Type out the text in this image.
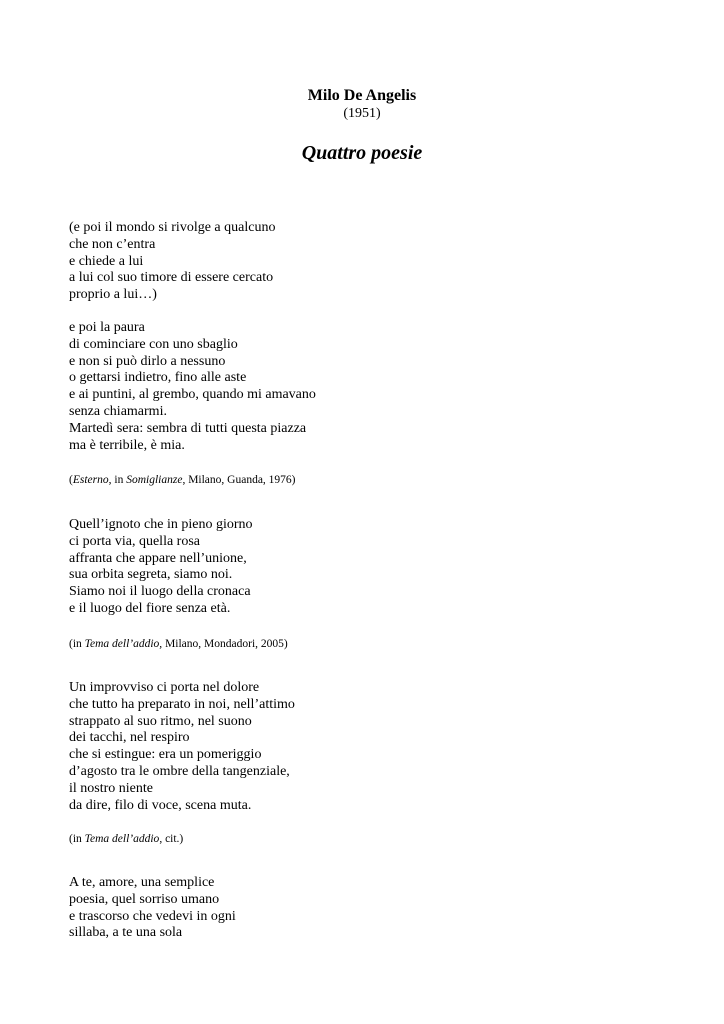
Milo De Angelis
(1951)
Quattro poesie
(e poi il mondo si rivolge a qualcuno
che non c’entra
e chiede a lui
a lui col suo timore di essere cercato
proprio a lui…)
e poi la paura
di cominciare con uno sbaglio
e non si può dirlo a nessuno
o gettarsi indietro, fino alle aste
e ai puntini, al grembo, quando mi amavano
senza chiamarmi.
Martedì sera: sembra di tutti questa piazza
ma è terribile, è mia.
(Esterno, in Somiglianze, Milano, Guanda, 1976)
Quell’ignoto che in pieno giorno
ci porta via, quella rosa
affranta che appare nell’unione,
sua orbita segreta, siamo noi.
Siamo noi il luogo della cronaca
e il luogo del fiore senza età.
(in Tema dell’addio, Milano, Mondadori, 2005)
Un improvviso ci porta nel dolore
che tutto ha preparato in noi, nell’attimo
strappato al suo ritmo, nel suono
dei tacchi, nel respiro
che si estingue: era un pomeriggio
d’agosto tra le ombre della tangenziale,
il nostro niente
da dire, filo di voce, scena muta.
(in Tema dell’addio, cit.)
A te, amore, una semplice
poesia, quel sorriso umano
e trascorso che vedevi in ogni
sillaba, a te una sola
